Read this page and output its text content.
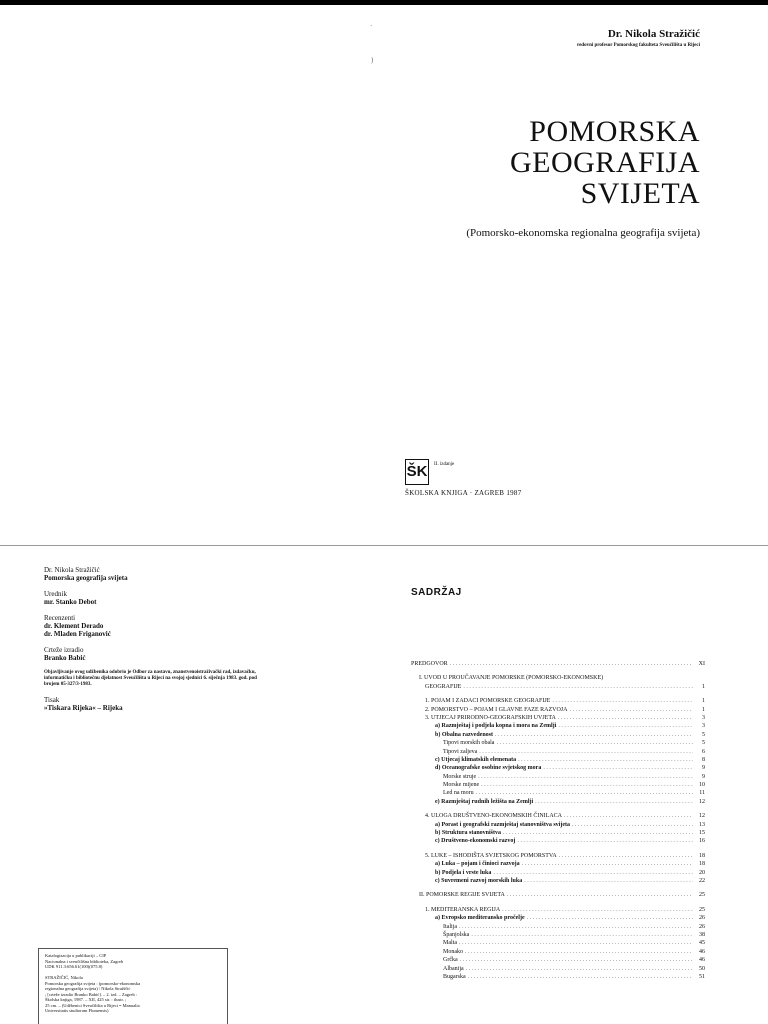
Dr. Nikola Stražičić
redovni profesor Pomorskog fakulteta Sveučilišta u Rijeci
·
)
POMORSKA
GEOGRAFIJA
SVIJETA
(Pomorsko-ekonomska regionalna geografija svijeta)
ŠK	II. izdanje
ŠKOLSKA KNJIGA · ZAGREB 1987
Dr. Nikola Stražičić
Pomorska geografija svijeta
Urednik
mr. Stanko Debot
Recenzenti
dr. Klement Derado
dr. Mladen Friganović
Crteže izradio
Branko Babić
Objavljivanje ovog udžbenika odobrio je Odbor za nastavu, znanstvenoistraživački rad, izdavačku, informatičku i bibliotečnu djelatnost Sveučilišta u Rijeci na svojoj sjednici 6. siječnja 1983. god. pod brojem 05-327/3-1983.
Tisak
»Tiskara Rijeka« – Rijeka
Katalogizacija u publikaciji – CIP
Nacionalna i sveučilišna biblioteka, Zagreb
UDK 911.3:656.61(100)(075.8)
STRAŽIČIĆ, Nikola
Pomorska geografija svijeta : (pomorsko-ekonomska
regionalna geografija svijeta) / Nikola Stražičić
; [crteže izradio Branko Babić]. – 2. izd. – Zagreb :
Školska knjiga, 1987. – XII, 425 str. : ilustr. ;
25 cm. – (Udžbenici Sveučilišta u Rijeci = Manualia
Universitatis studiorum Flumensis)
SADRŽAJ
PREDGOVOR . . .	XI
I. UVOD U PROUČAVANJE POMORSKE (POMORSKO-EKONOMSKE)
GEOGRAFIJE . . .	1
1. POJAM I ZADACI POMORSKE GEOGRAFIJE . . .	1
2. POMORSTVO – POJAM I GLAVNE FAZE RAZVOJA . . .	1
3. UTJECAJ PRIRODNO-GEOGRAFSKIH UVJETA . . .	3
a) Razmještaj i podjela kopna i mora na Zemlji . . .	3
b) Obalna razvedenost . . .	5
Tipovi morskih obala . . .	5
Tipovi zaljeva . . .	6
c) Utjecaj klimatskih elemenata . . .	8
d) Oceanografske osobine svjetskog mora . . .	9
Morske struje . . .	9
Morske mijene . . .	10
Led na moru . . .	11
e) Razmještaj rudnih ležišta na Zemlji . . .	12
4. ULOGA DRUŠTVENO-EKONOMSKIH ČINILACA . . .	12
a) Porast i geografski razmještaj stanovništva svijeta . . .	13
b) Struktura stanovništva . . .	15
c) Društveno-ekonomski razvoj . . .	16
5. LUKE – ISHODIŠTA SVJETSKOG POMORSTVA . . .	18
a) Luka – pojam i činioci razvoja . . .	18
b) Podjela i vrste luka . . .	20
c) Suvremeni razvoj morskih luka . . .	22
II. POMORSKE REGIJE SVIJETA . . .	25
1. MEDITERANSKA REGIJA . . .	25
a) Evropsko mediteransko pročelje . . .	26
Italija . . .	26
Španjolska . . .	38
Malta . . .	45
Monako . . .	46
Grčka . . .	46
Albanija . . .	50
Bugarska . . .	51
